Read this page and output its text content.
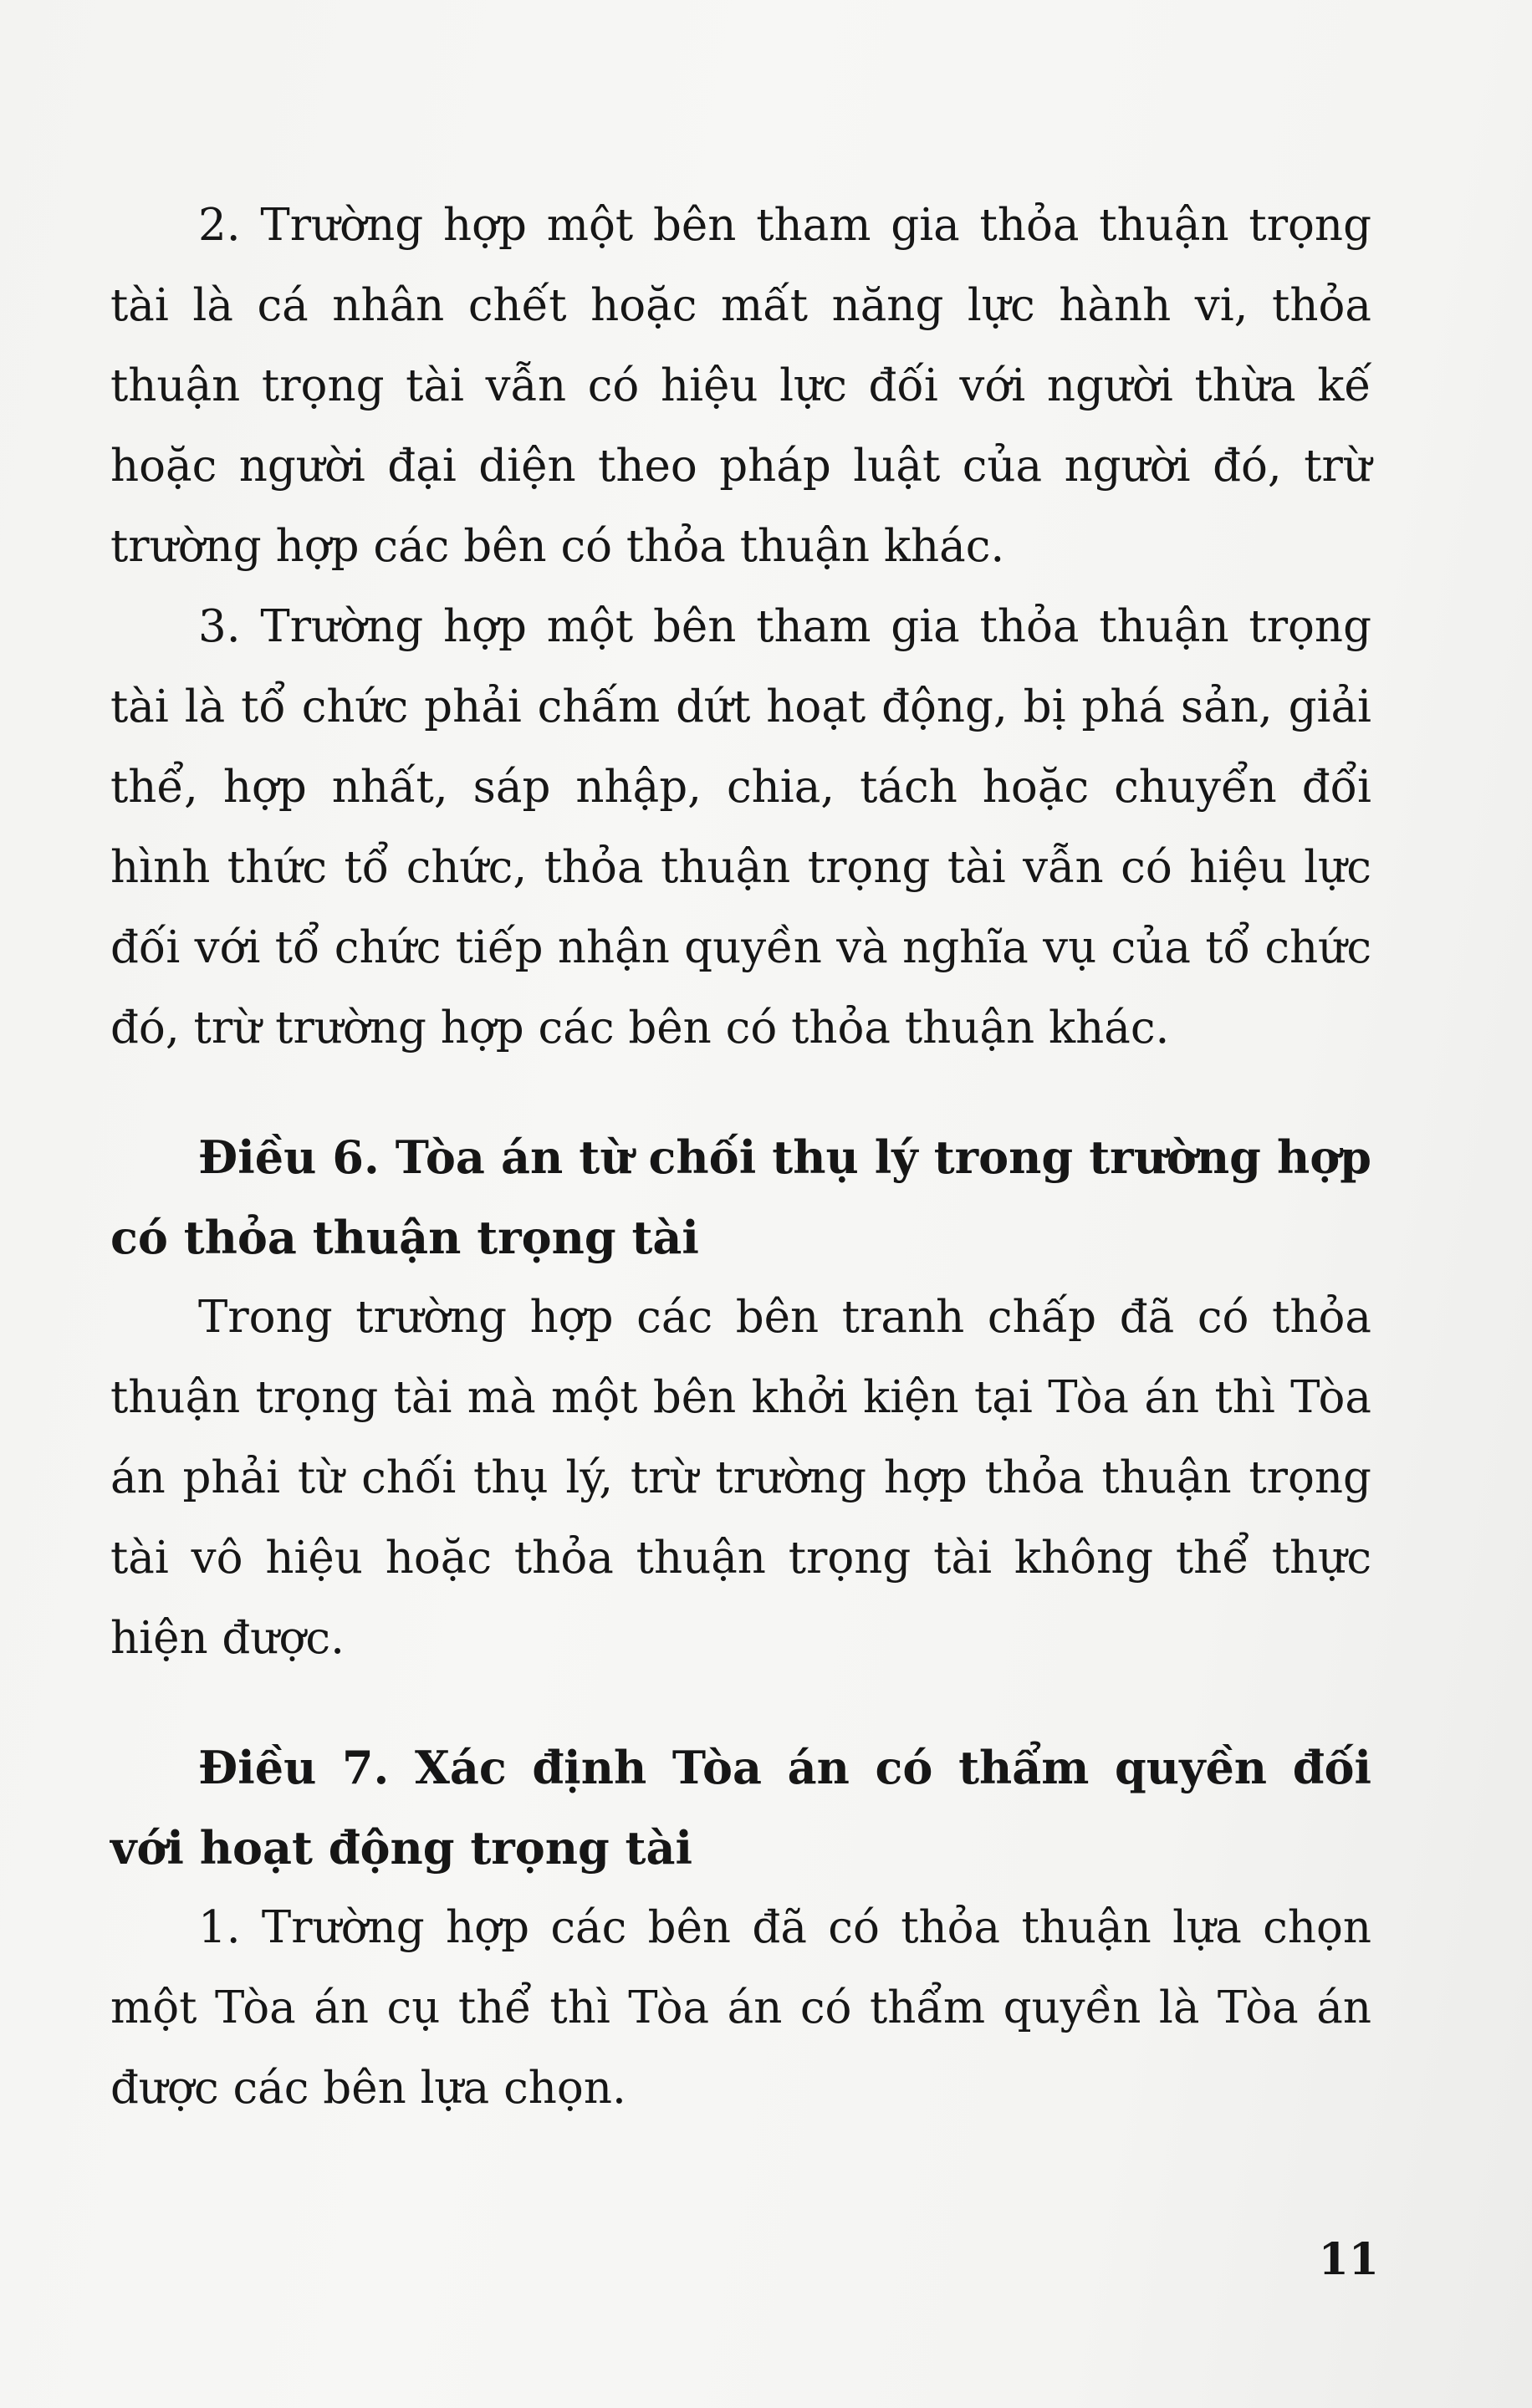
2. Trường hợp một bên tham gia thỏa thuận trọng tài là cá nhân chết hoặc mất năng lực hành vi, thỏa thuận trọng tài vẫn có hiệu lực đối với người thừa kế hoặc người đại diện theo pháp luật của người đó, trừ trường hợp các bên có thỏa thuận khác.

3. Trường hợp một bên tham gia thỏa thuận trọng tài là tổ chức phải chấm dứt hoạt động, bị phá sản, giải thể, hợp nhất, sáp nhập, chia, tách hoặc chuyển đổi hình thức tổ chức, thỏa thuận trọng tài vẫn có hiệu lực đối với tổ chức tiếp nhận quyền và nghĩa vụ của tổ chức đó, trừ trường hợp các bên có thỏa thuận khác.

Điều 6. Tòa án từ chối thụ lý trong trường hợp có thỏa thuận trọng tài

Trong trường hợp các bên tranh chấp đã có thỏa thuận trọng tài mà một bên khởi kiện tại Tòa án thì Tòa án phải từ chối thụ lý, trừ trường hợp thỏa thuận trọng tài vô hiệu hoặc thỏa thuận trọng tài không thể thực hiện được.

Điều 7. Xác định Tòa án có thẩm quyền đối với hoạt động trọng tài

1. Trường hợp các bên đã có thỏa thuận lựa chọn một Tòa án cụ thể thì Tòa án có thẩm quyền là Tòa án được các bên lựa chọn.

11
